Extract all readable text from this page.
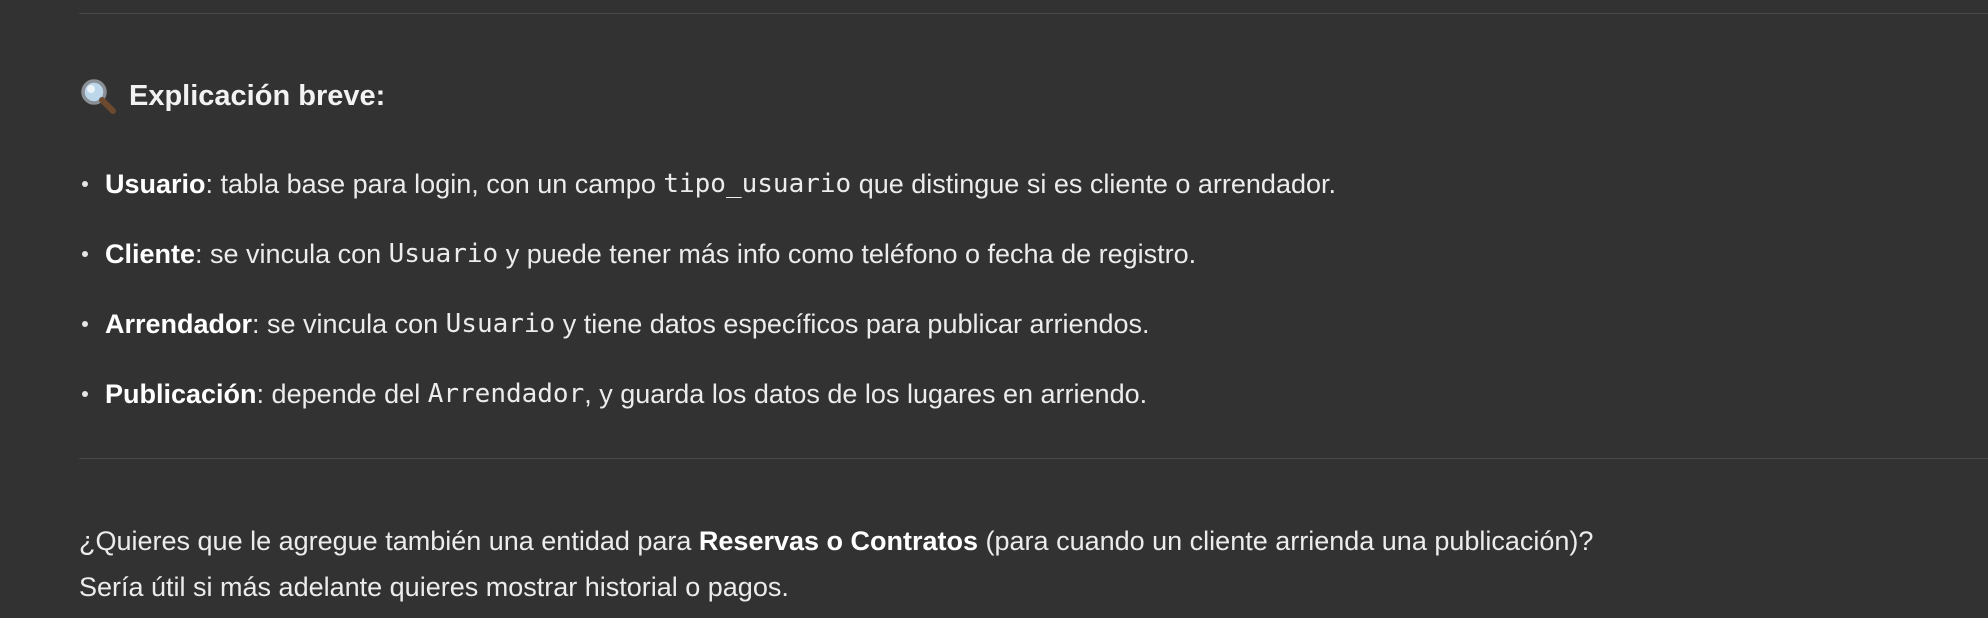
Explicación breve:
Usuario : tabla base para login, con un campo tipo_usuario que distingue si es cliente o arrendador.
Cliente : se vincula con Usuario y puede tener más info como teléfono o fecha de registro.
Arrendador : se vincula con Usuario y tiene datos específicos para publicar arriendos.
Publicación : depende del Arrendador , y guarda los datos de los lugares en arriendo.
¿Quieres que le agregue también una entidad para Reservas o Contratos (para cuando un cliente arrienda una publicación)?
Sería útil si más adelante quieres mostrar historial o pagos.
